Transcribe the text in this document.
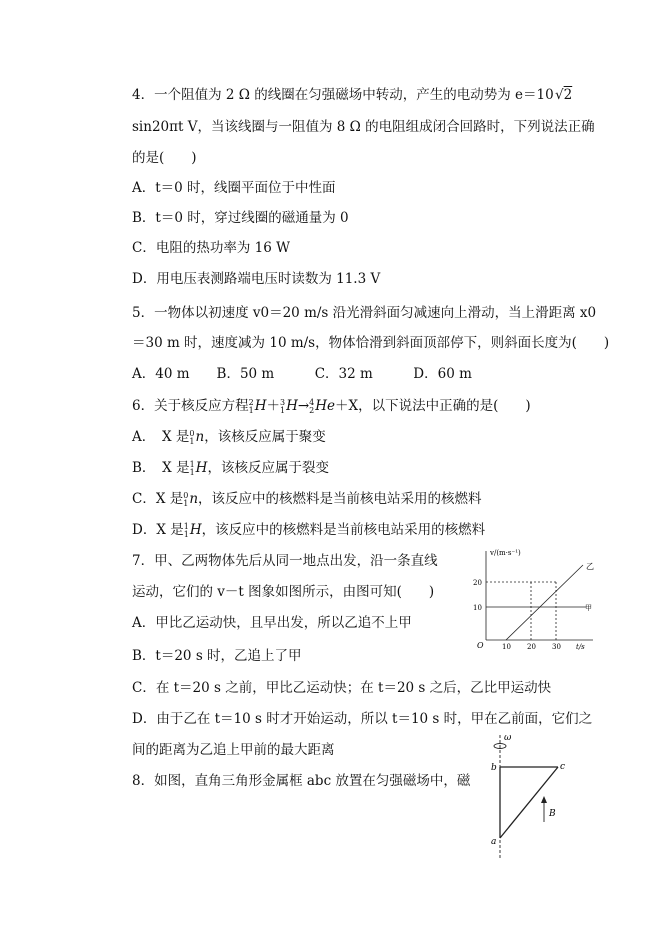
4．一个阻值为 2 Ω 的线圈在匀强磁场中转动，产生的电动势为 e＝10
sin20πt V，当该线圈与一阻值为 8 Ω 的电阻组成闭合回路时，下列说法正确
的是(　　)
A．t＝0 时，线圈平面位于中性面
B．t＝0 时，穿过线圈的磁通量为 0
C．电阻的热功率为 16 W
D．用电压表测路端电压时读数为 11.3 V
5．一物体以初速度 v0＝20 m/s 沿光滑斜面匀减速向上滑动，当上滑距离 x0
＝30 m 时，速度减为 10 m/s，物体恰滑到斜面顶部停下，则斜面长度为(　　)
A．40 m　　B．50 m　　　C．32 m　　　D．60 m
A．　X 是 0
1 n，该核反应属于聚变
B．　X 是 1
1 H，该核反应属于裂变
C．X 是 0
1 n，该反应中的核燃料是当前核电站采用的核燃料
D．X 是 1
1 H，该反应中的核燃料是当前核电站采用的核燃料
7．甲、乙两物体先后从同一地点出发，沿一条直线
运动，它们的 v－t 图象如图所示，由图可知(　　)
A．甲比乙运动快，且早出发，所以乙追不上甲
B．t＝20 s 时，乙追上了甲
C．在 t＝20 s 之前，甲比乙运动快；在 t＝20 s 之后，乙比甲运动快
D．由于乙在 t＝10 s 时才开始运动，所以 t＝10 s 时，甲在乙前面，它们之
间的距离为乙追上甲前的最大距离
8．如图，直角三角形金属框 abc 放置在匀强磁场中，磁
6．关于核反应方程 2
1 H＋ 3
1 H→ 4
2 He＋X，以下说法中正确的是(　　)
√2
v/(m·s⁻¹)
t/s
O
10
20
10 20 30
甲
乙
ω
b	c
a
B
